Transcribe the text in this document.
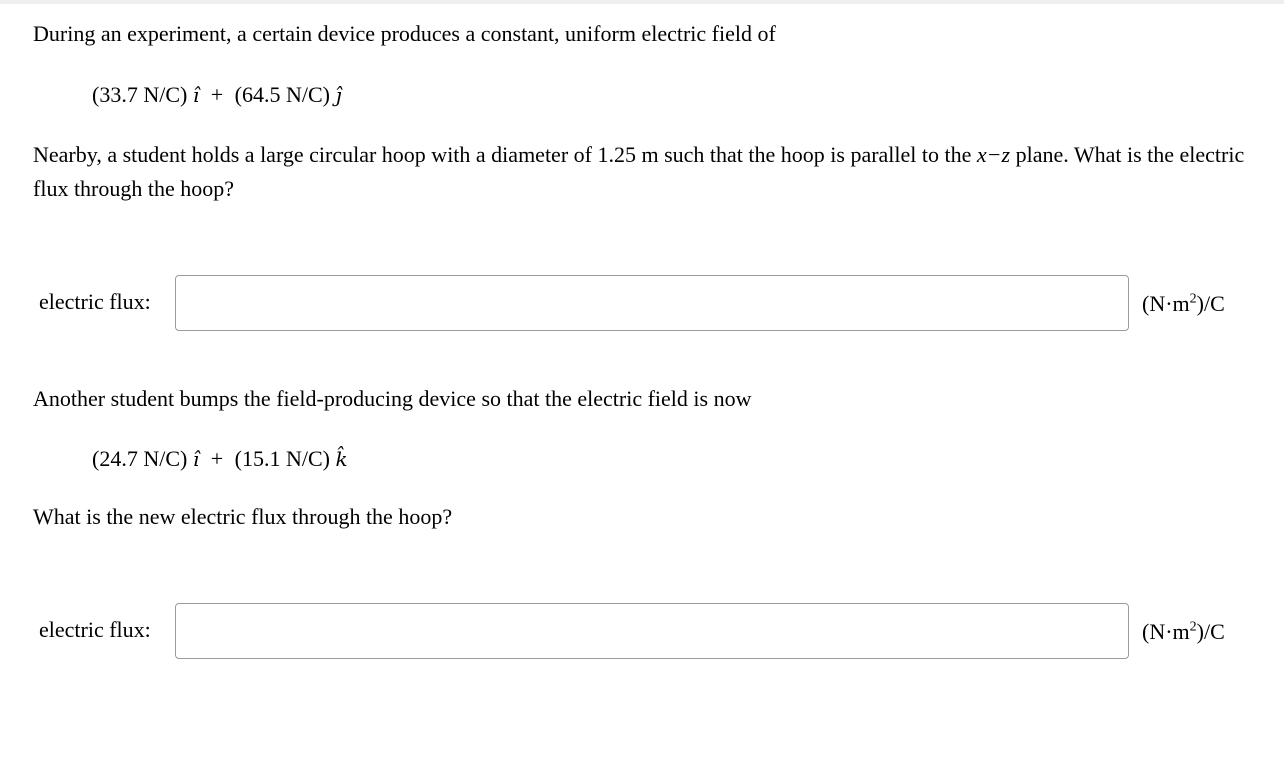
During an experiment, a certain device produces a constant, uniform electric field of
(33.7 N/C) î + (64.5 N/C) ĵ
Nearby, a student holds a large circular hoop with a diameter of 1.25 m such that the hoop is parallel to the x−z plane. What is the electric flux through the hoop?
electric flux:	$(N\cdot m^2)/C$
Another student bumps the field-producing device so that the electric field is now
(24.7 N/C) î + (15.1 N/C) k̂
What is the new electric flux through the hoop?
electric flux:	$(N\cdot m^2)/C$
